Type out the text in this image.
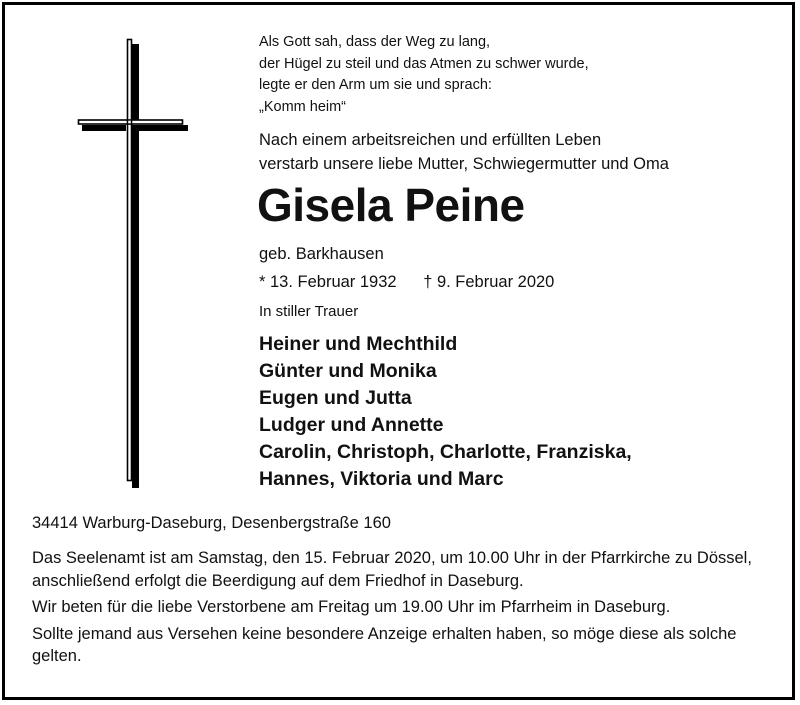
Als Gott sah, dass der Weg zu lang,
der Hügel zu steil und das Atmen zu schwer wurde,
legte er den Arm um sie und sprach:
„Komm heim“
Nach einem arbeitsreichen und erfüllten Leben
verstarb unsere liebe Mutter, Schwiegermutter und Oma
Gisela Peine
geb. Barkhausen
* 13. Februar 1932 † 9. Februar 2020
In stiller Trauer
Heiner und Mechthild
Günter und Monika
Eugen und Jutta
Ludger und Annette
Carolin, Christoph, Charlotte, Franziska,
Hannes, Viktoria und Marc
34414 Warburg-Daseburg, Desenbergstraße 160

Das Seelenamt ist am Samstag, den 15. Februar 2020, um 10.00 Uhr in der Pfarrkirche zu Dössel, anschließend erfolgt die Beerdigung auf dem Friedhof in Daseburg.

Wir beten für die liebe Verstorbene am Freitag um 19.00 Uhr im Pfarrheim in Daseburg.

Sollte jemand aus Versehen keine besondere Anzeige erhalten haben, so möge diese als solche gelten.
